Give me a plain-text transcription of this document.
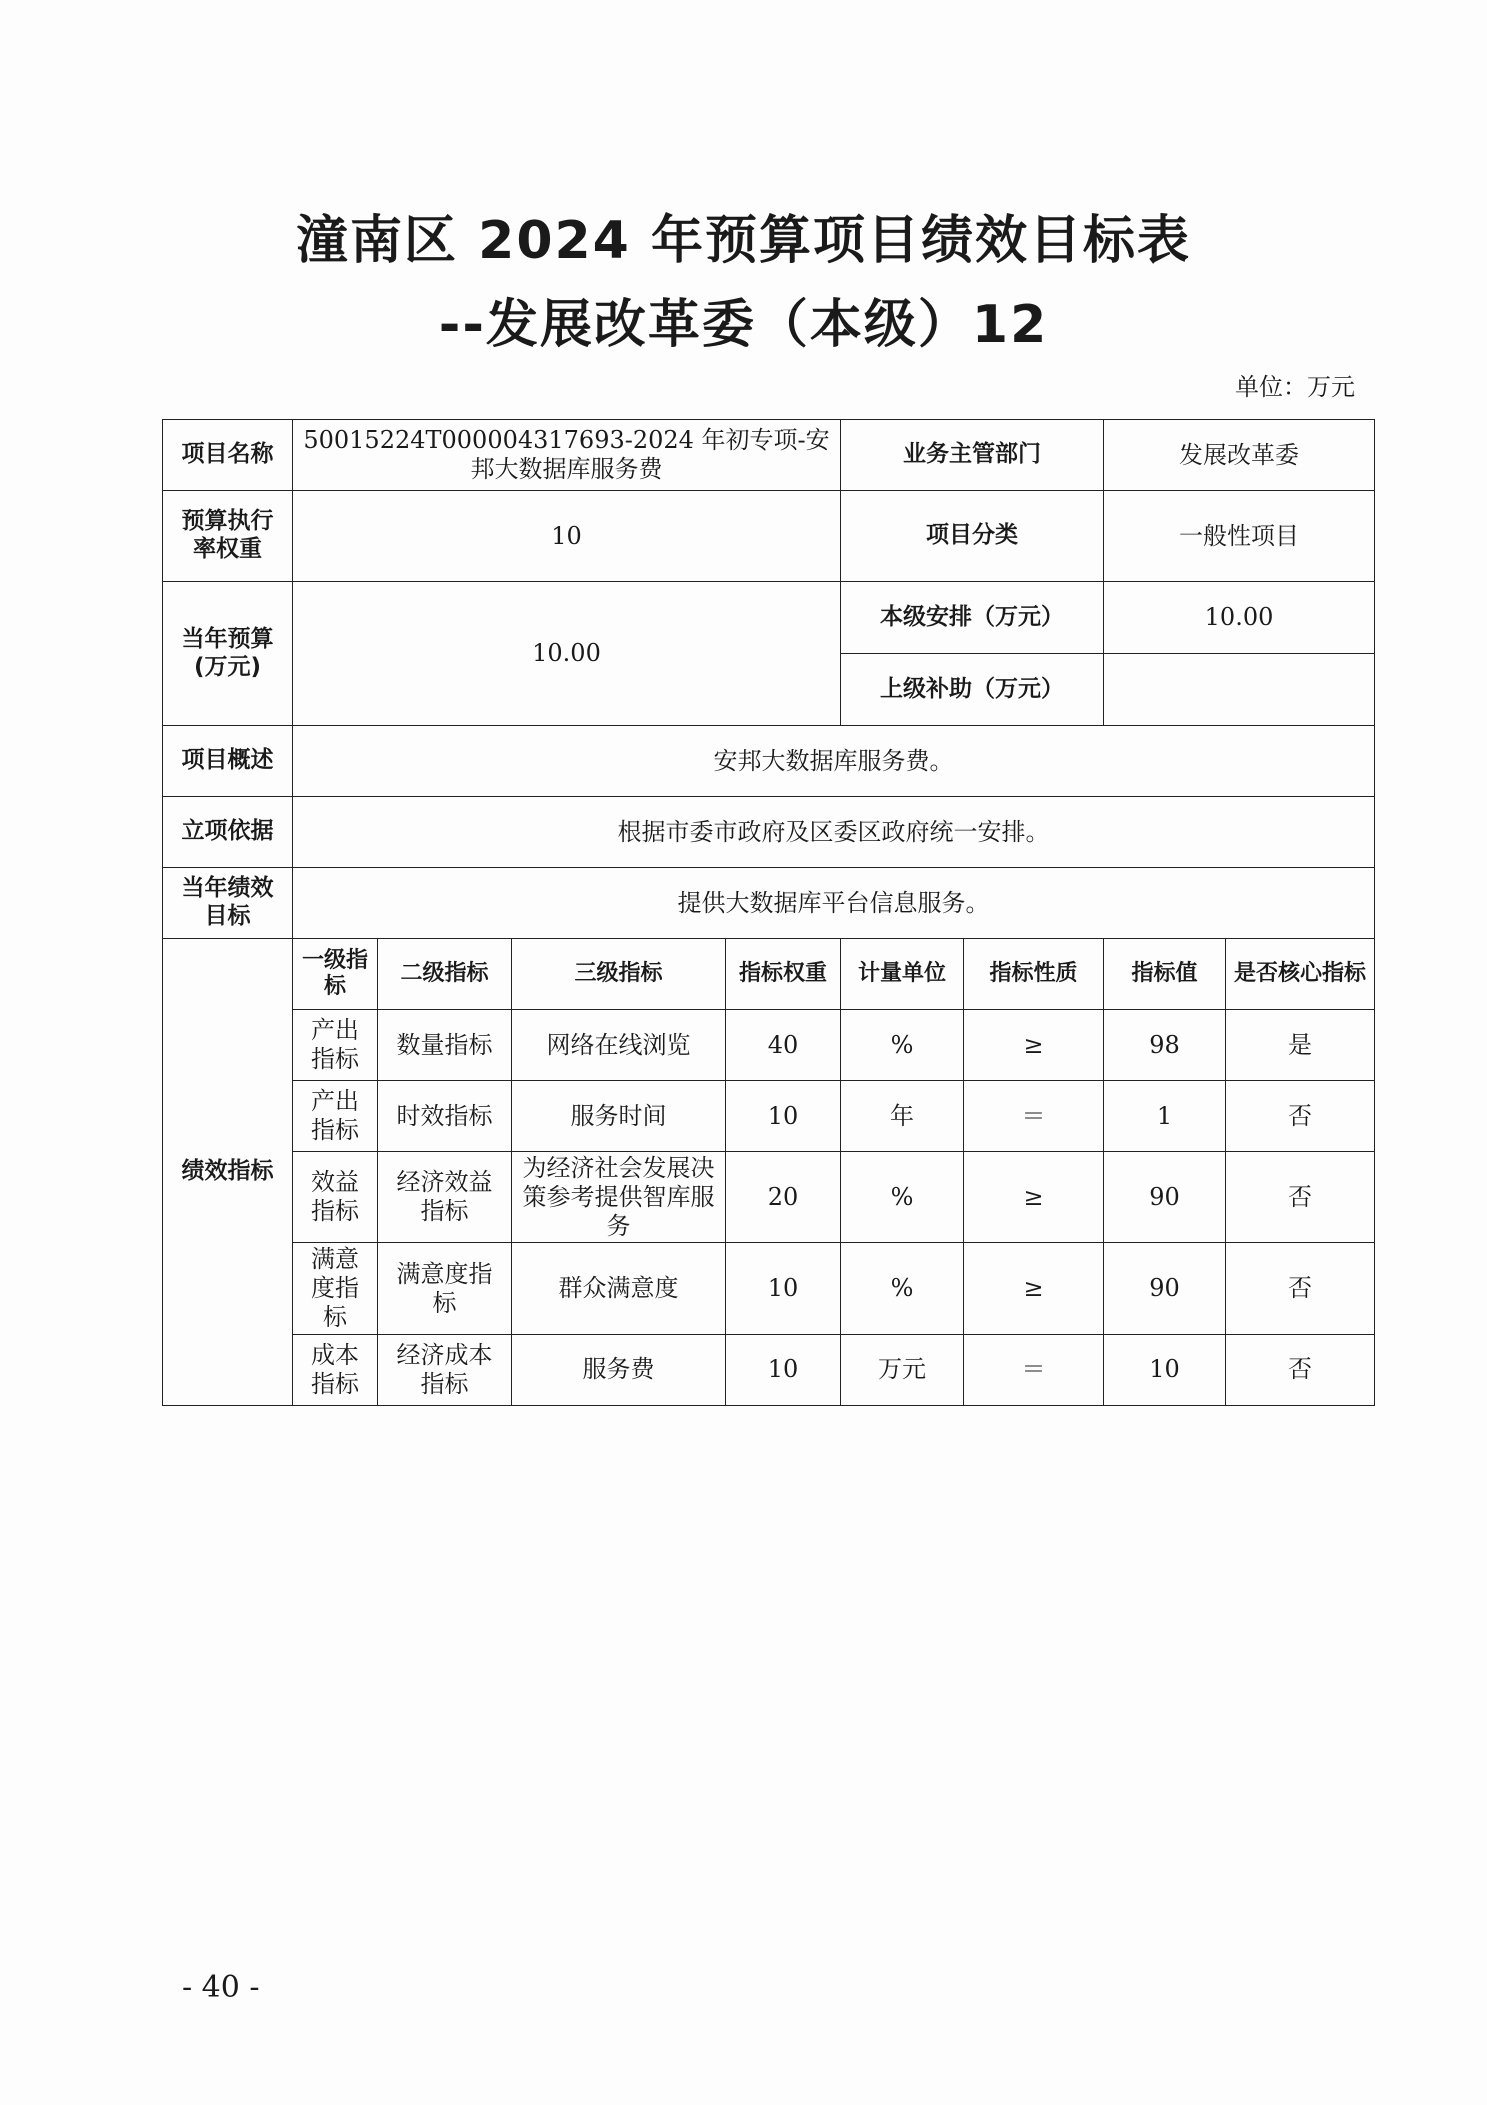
潼南区 2024 年预算项目绩效目标表
--发展改革委（本级）12
单位：万元
项目名称	50015224T000004317693-2024 年初专项-安邦大数据库服务费				业务主管部门		发展改革委	
预算执行率权重	10				项目分类		一般性项目	
当年预算(万元)	10.00				本级安排（万元）		10.00	
					上级补助（万元）			
项目概述	安邦大数据库服务费。							
立项依据	根据市委市政府及区委区政府统一安排。							
当年绩效目标	提供大数据库平台信息服务。							
绩效指标	一级指标	二级指标	三级指标	指标权重	计量单位	指标性质	指标值	是否核心指标
	产出指标	数量指标	网络在线浏览	40	%	≥	98	是
	产出指标	时效指标	服务时间	10	年	＝	1	否
	效益指标	经济效益指标	为经济社会发展决策参考提供智库服务	20	%	≥	90	否
	满意度指标	满意度指标	群众满意度	10	%	≥	90	否
	成本指标	经济成本指标	服务费	10	万元	＝	10	否
- 40 -
